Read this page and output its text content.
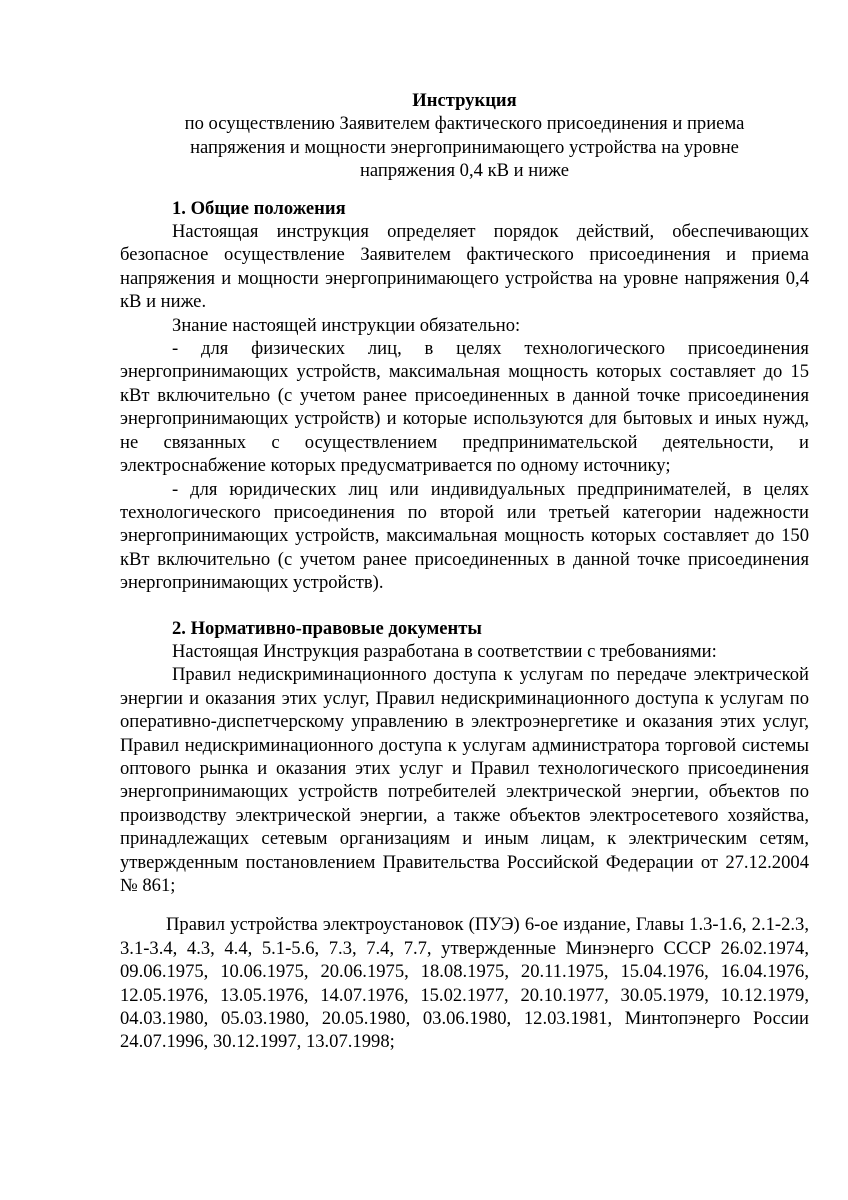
Инструкция

по осуществлению Заявителем фактического присоединения и приема напряжения и мощности энергопринимающего устройства на уровне напряжения 0,4 кВ и ниже

1. Общие положения

Настоящая инструкция определяет порядок действий, обеспечивающих безопасное осуществление Заявителем фактического присоединения и приема напряжения и мощности энергопринимающего устройства на уровне напряжения 0,4 кВ и ниже.

Знание настоящей инструкции обязательно:

- для физических лиц, в целях технологического присоединения энергопринимающих устройств, максимальная мощность которых составляет до 15 кВт включительно (с учетом ранее присоединенных в данной точке присоединения энергопринимающих устройств) и которые используются для бытовых и иных нужд, не связанных с осуществлением предпринимательской деятельности, и электроснабжение которых предусматривается по одному источнику;

- для юридических лиц или индивидуальных предпринимателей, в целях технологического присоединения по второй или третьей категории надежности энергопринимающих устройств, максимальная мощность которых составляет до 150 кВт включительно (с учетом ранее присоединенных в данной точке присоединения энергопринимающих устройств).

2. Нормативно-правовые документы

Настоящая Инструкция разработана в соответствии с требованиями:

Правил недискриминационного доступа к услугам по передаче электрической энергии и оказания этих услуг, Правил недискриминационного доступа к услугам по оперативно-диспетчерскому управлению в электроэнергетике и оказания этих услуг, Правил недискриминационного доступа к услугам администратора торговой системы оптового рынка и оказания этих услуг и Правил технологического присоединения энергопринимающих устройств потребителей электрической энергии, объектов по производству электрической энергии, а также объектов электросетевого хозяйства, принадлежащих сетевым организациям и иным лицам, к электрическим сетям, утвержденным постановлением Правительства Российской Федерации от 27.12.2004 № 861;

Правил устройства электроустановок (ПУЭ) 6-ое издание, Главы 1.3-1.6, 2.1-2.3, 3.1-3.4, 4.3, 4.4, 5.1-5.6, 7.3, 7.4, 7.7, утвержденные Минэнерго СССР 26.02.1974, 09.06.1975, 10.06.1975, 20.06.1975, 18.08.1975, 20.11.1975, 15.04.1976, 16.04.1976, 12.05.1976, 13.05.1976, 14.07.1976, 15.02.1977, 20.10.1977, 30.05.1979, 10.12.1979, 04.03.1980, 05.03.1980, 20.05.1980, 03.06.1980, 12.03.1981, Минтопэнерго России 24.07.1996, 30.12.1997, 13.07.1998;
